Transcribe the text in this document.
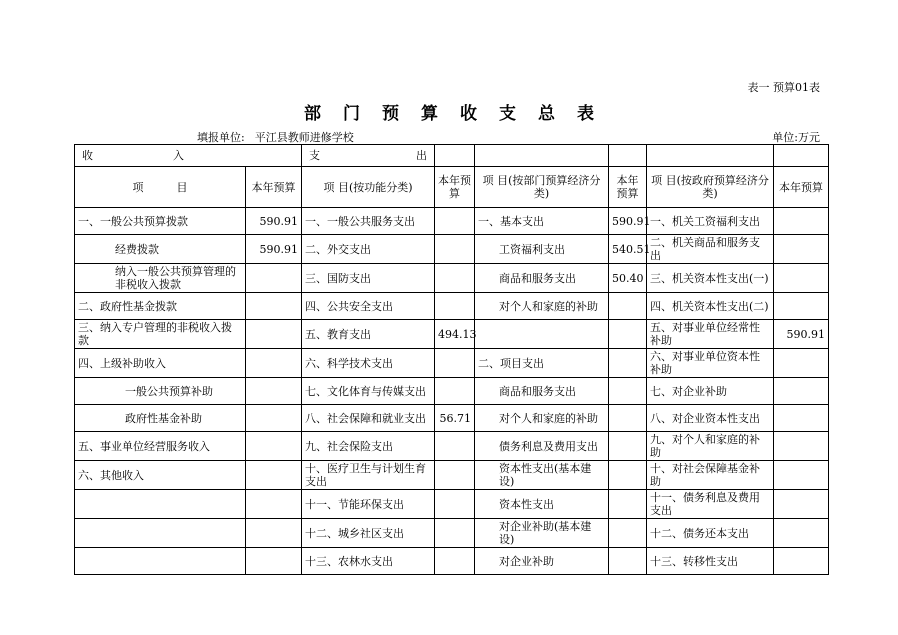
表一 预算01表
部门预算收支总表
填报单位: 平江县教师进修学校	单位:万元
收 入		支 出					

项　　　目	本年预算	项 目(按功能分类)	本年预算	项 目(按部门预算经济分类)	本年预算	项 目(按政府预算经济分类)	本年预算
一、一般公共预算拨款	590.91	一、一般公共服务支出		一、基本支出	590.91	一、机关工资福利支出	
经费拨款	590.91	二、外交支出		工资福利支出	540.51	二、机关商品和服务支出	
纳入一般公共预算管理的非税收入拨款		三、国防支出		商品和服务支出	50.40	三、机关资本性支出(一)	
二、政府性基金拨款		四、公共安全支出		对个人和家庭的补助		四、机关资本性支出(二)	
三、纳入专户管理的非税收入拨款		五、教育支出	494.13			五、对事业单位经常性补助	590.91
四、上级补助收入		六、科学技术支出		二、项目支出		六、对事业单位资本性补助	
一般公共预算补助		七、文化体育与传媒支出		商品和服务支出		七、对企业补助	
政府性基金补助		八、社会保障和就业支出	56.71	对个人和家庭的补助		八、对企业资本性支出	
五、事业单位经营服务收入		九、社会保险支出		债务利息及费用支出		九、对个人和家庭的补助	
六、其他收入		十、医疗卫生与计划生育支出		资本性支出(基本建设)		十、对社会保障基金补助	
		十一、节能环保支出		资本性支出		十一、债务利息及费用支出	
		十二、城乡社区支出		对企业补助(基本建设)		十二、债务还本支出	
		十三、农林水支出		对企业补助		十三、转移性支出	
